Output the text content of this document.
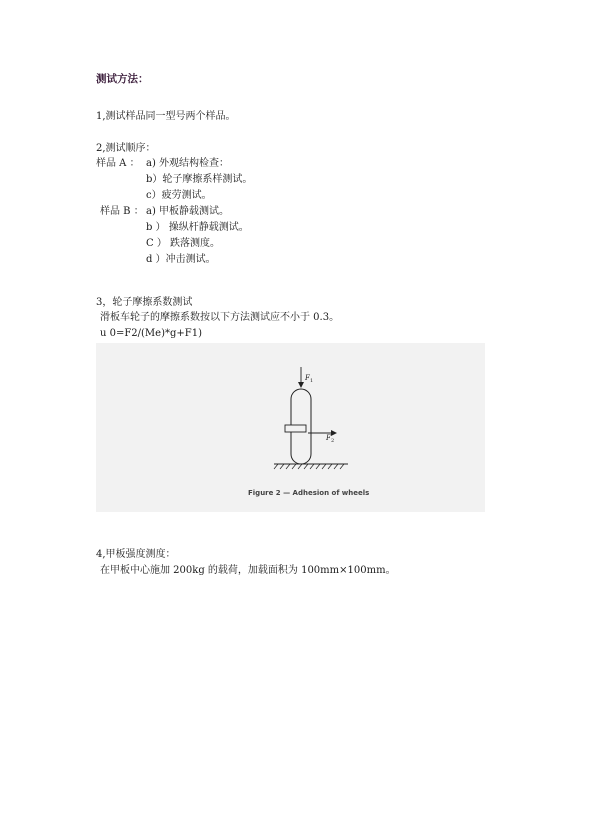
测试方法：
1,测试样品同一型号两个样品。
2,测试顺序：
样品 A ： a) 外观结构检查：
b）轮子摩擦系样测试。
c）疲劳测试。
样品 B ： a) 甲板静载测试。
b ） 操纵杆静载测试。
C ） 跌落测度。
d ）冲击测试。
3，轮子摩擦系数测试
滑板车轮子的摩擦系数按以下方法测试应不小于 0.3。
u 0=F2/(Me)*g+F1)
F 1
F 2
Figure 2 — Adhesion of wheels
4,甲板强度测度：
在甲板中心施加 200kg 的载荷，加载面积为 100mm×100mm。
